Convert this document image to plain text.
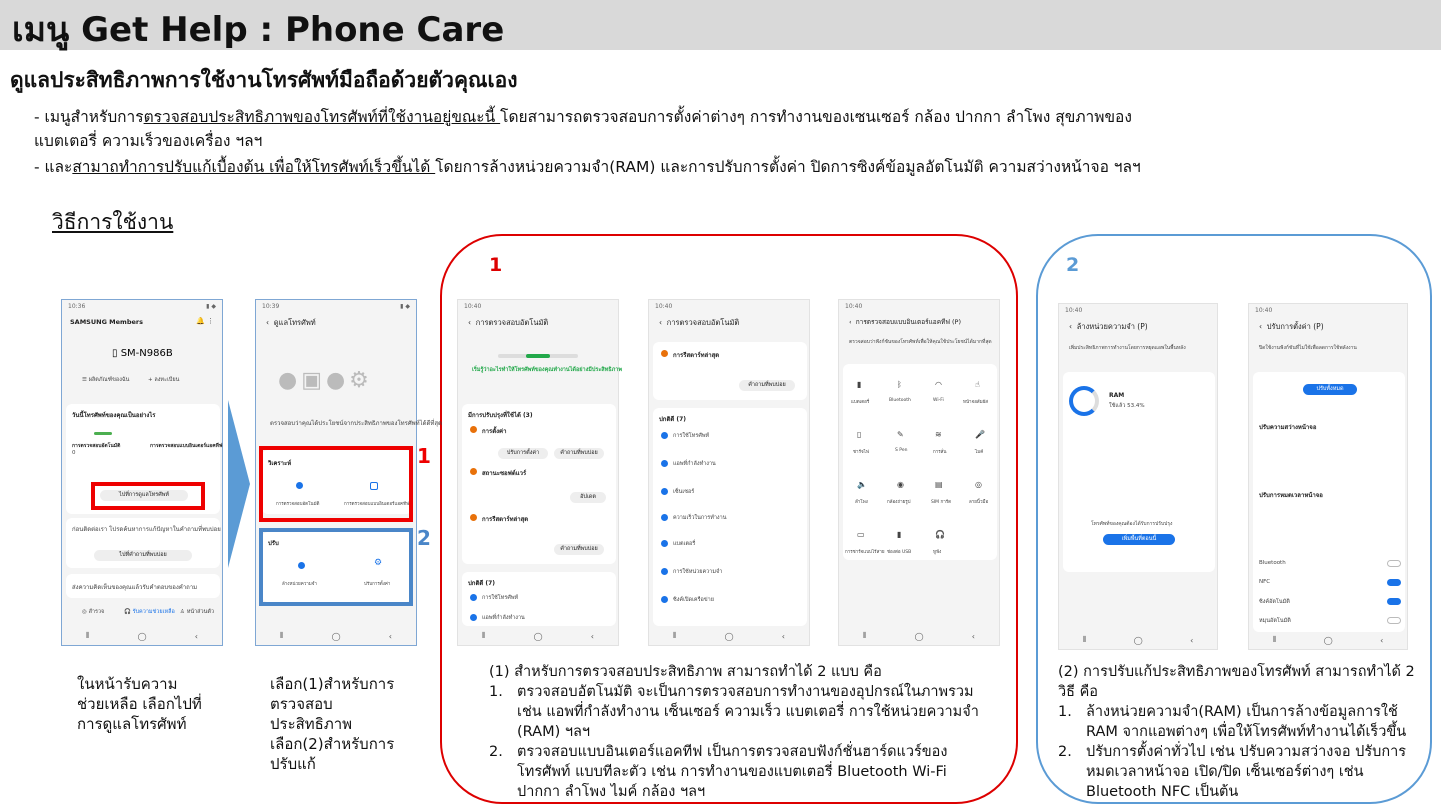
เมนู Get Help : Phone Care
ดูแลประสิทธิภาพการใช้งานโทรศัพท์มือถือด้วยตัวคุณเอง
- เมนูสำหรับการตรวจสอบประสิทธิภาพของโทรศัพท์ที่ใช้งานอยู่ขณะนี้ โดยสามารถตรวจสอบการตั้งค่าต่างๆ การทำงานของเซนเซอร์ กล้อง ปากกา ลำโพง สุขภาพของ
แบตเตอรี่ ความเร็วของเครื่อง ฯลฯ
- และสามาถทำการปรับแก้เบื้องต้น เพื่อให้โทรศัพท์เร็วขึ้นได้ โดยการล้างหน่วยความจำ(RAM) และการปรับการตั้งค่า ปิดการซิงค์ข้อมูลอัตโนมัติ ความสว่างหน้าจอ ฯลฯ
วิธีการใช้งาน
1	2
10:36	▮ ◆
SAMSUNG Members	🔔 ⋮
▯ SM-N986B
☰ ผลิตภัณฑ์ของฉัน	+ ลงทะเบียน
วันนี้โทรศัพท์ของคุณเป็นอย่างไร
การตรวจสอบอัตโนมัติ
0
การตรวจสอบแบบอินเตอร์แอคทีฟ
ไปที่การดูแลโทรศัพท์
ก่อนติดต่อเรา โปรดค้นหาการแก้ปัญหาในคำถามที่พบบ่อย
ไปที่คำถามที่พบบ่อย
ส่งความคิดเห็นของคุณแล้วรับคำตอบของคำถาม
◎ สำรวจ	🎧 รับความช่วยเหลือ ♙ หน้าส่วนตัว
⦀	◯	‹
10:39	▮ ◆
‹  ดูแลโทรศัพท์
●▣●⚙
ตรวจสอบว่าคุณได้ประโยชน์จากประสิทธิภาพของโทรศัพท์ได้ดีที่สุด
วิเคราะห์
การตรวจสอบอัตโนมัติ	การตรวจสอบแบบอินเตอร์แอคทีฟ
ปรับ
ล้างหน่วยความจำ
⚙
ปรับการตั้งค่า
⦀	◯	‹
1
2
10:40
‹  การตรวจสอบอัตโนมัติ
เริ่มรู้ว่าอะไรทำให้โทรศัพท์ของคุณทำงานได้อย่างมีประสิทธิภาพ
มีการปรับปรุงที่ใช้ได้ (3)
การตั้งค่า
ปรับการตั้งค่า	คำถามที่พบบ่อย
สถานะซอฟต์แวร์
อัปเดต
การรีสตาร์ทล่าสุด
คำถามที่พบบ่อย
ปกติดี (7)
การใช้โทรศัพท์
แอพที่กำลังทำงาน
⦀	◯	‹
10:40
‹  การตรวจสอบอัตโนมัติ
การรีสตาร์ทล่าสุด
คำถามที่พบบ่อย
ปกติดี (7)
การใช้โทรศัพท์
แอพที่กำลังทำงาน
เซ็นเซอร์
ความเร็วในการทำงาน
แบตเตอรี่
การใช้หน่วยความจำ
ซิงค์เปิดเครือข่าย
⦀	◯	‹
10:40
‹  การตรวจสอบแบบอินเตอร์แอคทีฟ (P)
ตรวจสอบว่าฟังก์ชันของโทรศัพท์เพื่อให้คุณใช้ประโยชน์ได้มากที่สุด
▮
แบตเตอรี่
ᛒ
Bluetooth
◠
Wi-Fi
☝
หน้าจอสัมผัส
▯
ชาร์จไฟ
✎
S Pen
≋
การสั่น
🎤
ไมค์
🔈
ลำโพง
◉
กล้องถ่ายรูป
▤
SIM การ์ด
◎
ลายนิ้วมือ
▭
การชาร์จแบบไร้สาย
▮
ช่องต่อ USB
🎧
หูฟัง
⦀	◯	‹
10:40
‹  ล้างหน่วยความจำ (P)
เพิ่มประสิทธิภาพการทำงานโดยการหยุดแอพในพื้นหลัง
RAM
ใช้แล้ว 53.4%
โทรศัพท์ของคุณต้องได้รับการปรับปรุง
เพิ่มพื้นที่ตอนนี้
⦀	◯	‹
10:40
‹  ปรับการตั้งค่า (P)
ปิดใช้งานฟังก์ชันที่ไม่ใช้เพื่อลดการใช้พลังงาน
ปรับทั้งหมด
ปรับความสว่างหน้าจอ
ปรับการหมดเวลาหน้าจอ
Bluetooth
NFC
ซิงค์อัตโนมัติ
หมุนอัตโนมัติ
⦀	◯	‹
ในหน้ารับความ
ช่วยเหลือ เลือกไปที่
การดูแลโทรศัพท์
เลือก(1)สำหรับการ
ตรวจสอบ
ประสิทธิภาพ
เลือก(2)สำหรับการ
ปรับแก้
(1) สำหรับการตรวจสอบประสิทธิภาพ สามารถทำได้ 2 แบบ คือ
1. ตรวจสอบอัตโนมัติ จะเป็นการตรวจสอบการทำงานของอุปกรณ์ในภาพรวม
เช่น แอพที่กำลังทำงาน เซ็นเซอร์ ความเร็ว แบตเตอรี่ การใช้หน่วยความจำ
(RAM) ฯลฯ
2. ตรวจสอบแบบอินเตอร์แอคทีฟ เป็นการตรวจสอบฟังก์ชั่นฮาร์ดแวร์ของ
โทรศัพท์ แบบทีละตัว เช่น การทำงานของแบตเตอรี่ Bluetooth Wi-Fi
ปากกา ลำโพง ไมค์ กล้อง ฯลฯ
(2) การปรับแก้ประสิทธิภาพของโทรศัพท์ สามารถทำได้ 2
วิธี คือ
1. ล้างหน่วยความจำ(RAM) เป็นการล้างข้อมูลการใช้
RAM จากแอพต่างๆ เพื่อให้โทรศัพท์ทำงานได้เร็วขึ้น
2. ปรับการตั้งค่าทั่วไป เช่น ปรับความสว่างจอ ปรับการ
หมดเวลาหน้าจอ เปิด/ปิด เซ็นเซอร์ต่างๆ เช่น
Bluetooth NFC เป็นต้น
